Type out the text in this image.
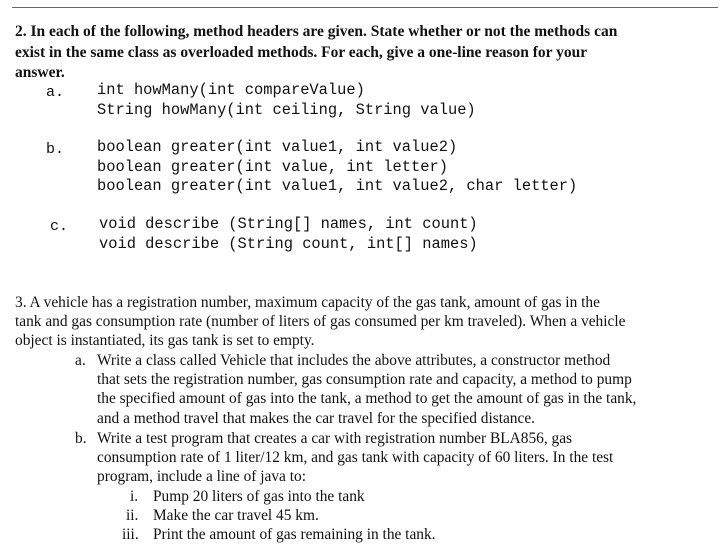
2. In each of the following, method headers are given. State whether or not the methods can
exist in the same class as overloaded methods. For each, give a one-line reason for your
answer.
a. int howMany(int compareValue)
String howMany(int ceiling, String value)
b. boolean greater(int value1, int value2)
boolean greater(int value, int letter)
boolean greater(int value1, int value2, char letter)
c. void describe (String[] names, int count)
void describe (String count, int[] names)
3. A vehicle has a registration number, maximum capacity of the gas tank, amount of gas in the
tank and gas consumption rate (number of liters of gas consumed per km traveled). When a vehicle
object is instantiated, its gas tank is set to empty.
a. Write a class called Vehicle that includes the above attributes, a constructor method
that sets the registration number, gas consumption rate and capacity, a method to pump
the specified amount of gas into the tank, a method to get the amount of gas in the tank,
and a method travel that makes the car travel for the specified distance.
b. Write a test program that creates a car with registration number BLA856, gas
consumption rate of 1 liter/12 km, and gas tank with capacity of 60 liters. In the test
program, include a line of java to:
i. Pump 20 liters of gas into the tank
ii. Make the car travel 45 km.
iii. Print the amount of gas remaining in the tank.
